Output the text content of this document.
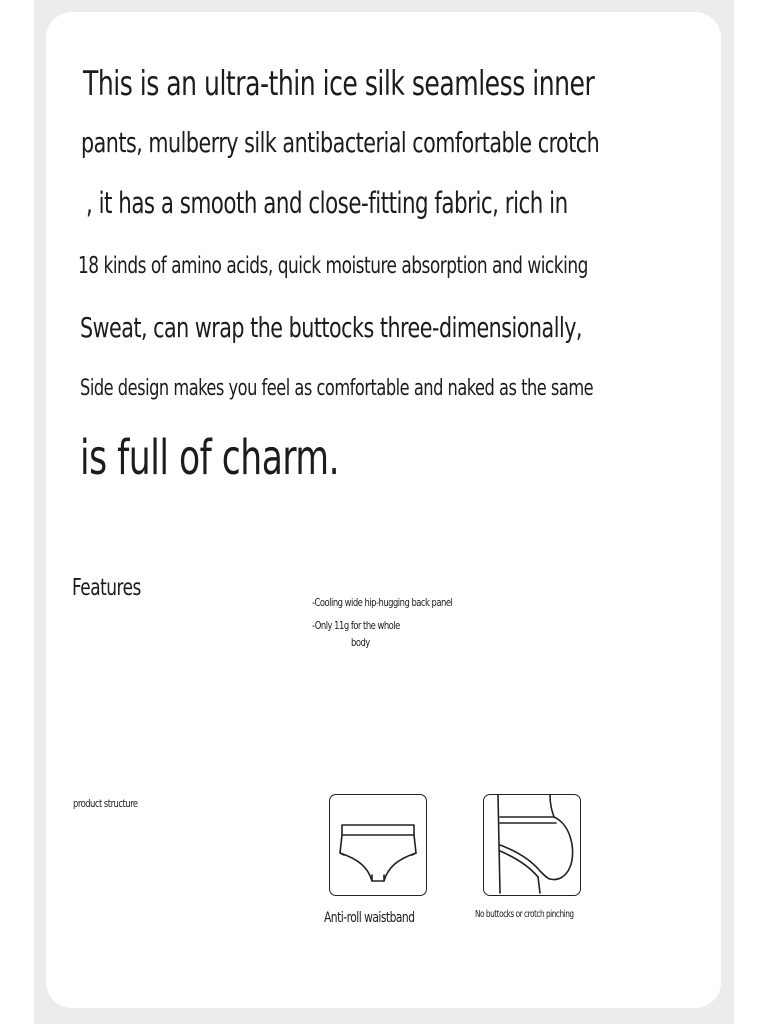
This is an ultra-thin ice silk seamless inner
pants, mulberry silk antibacterial comfortable crotch
, it has a smooth and close-fitting fabric, rich in
18 kinds of amino acids, quick moisture absorption and wicking
Sweat, can wrap the buttocks three-dimensionally,
Side design makes you feel as comfortable and naked as the same
is full of charm.
Features
-Cooling wide hip-hugging back panel
-Only 11g for the whole
body
product structure
Anti-roll waistband	No buttocks or crotch pinching
